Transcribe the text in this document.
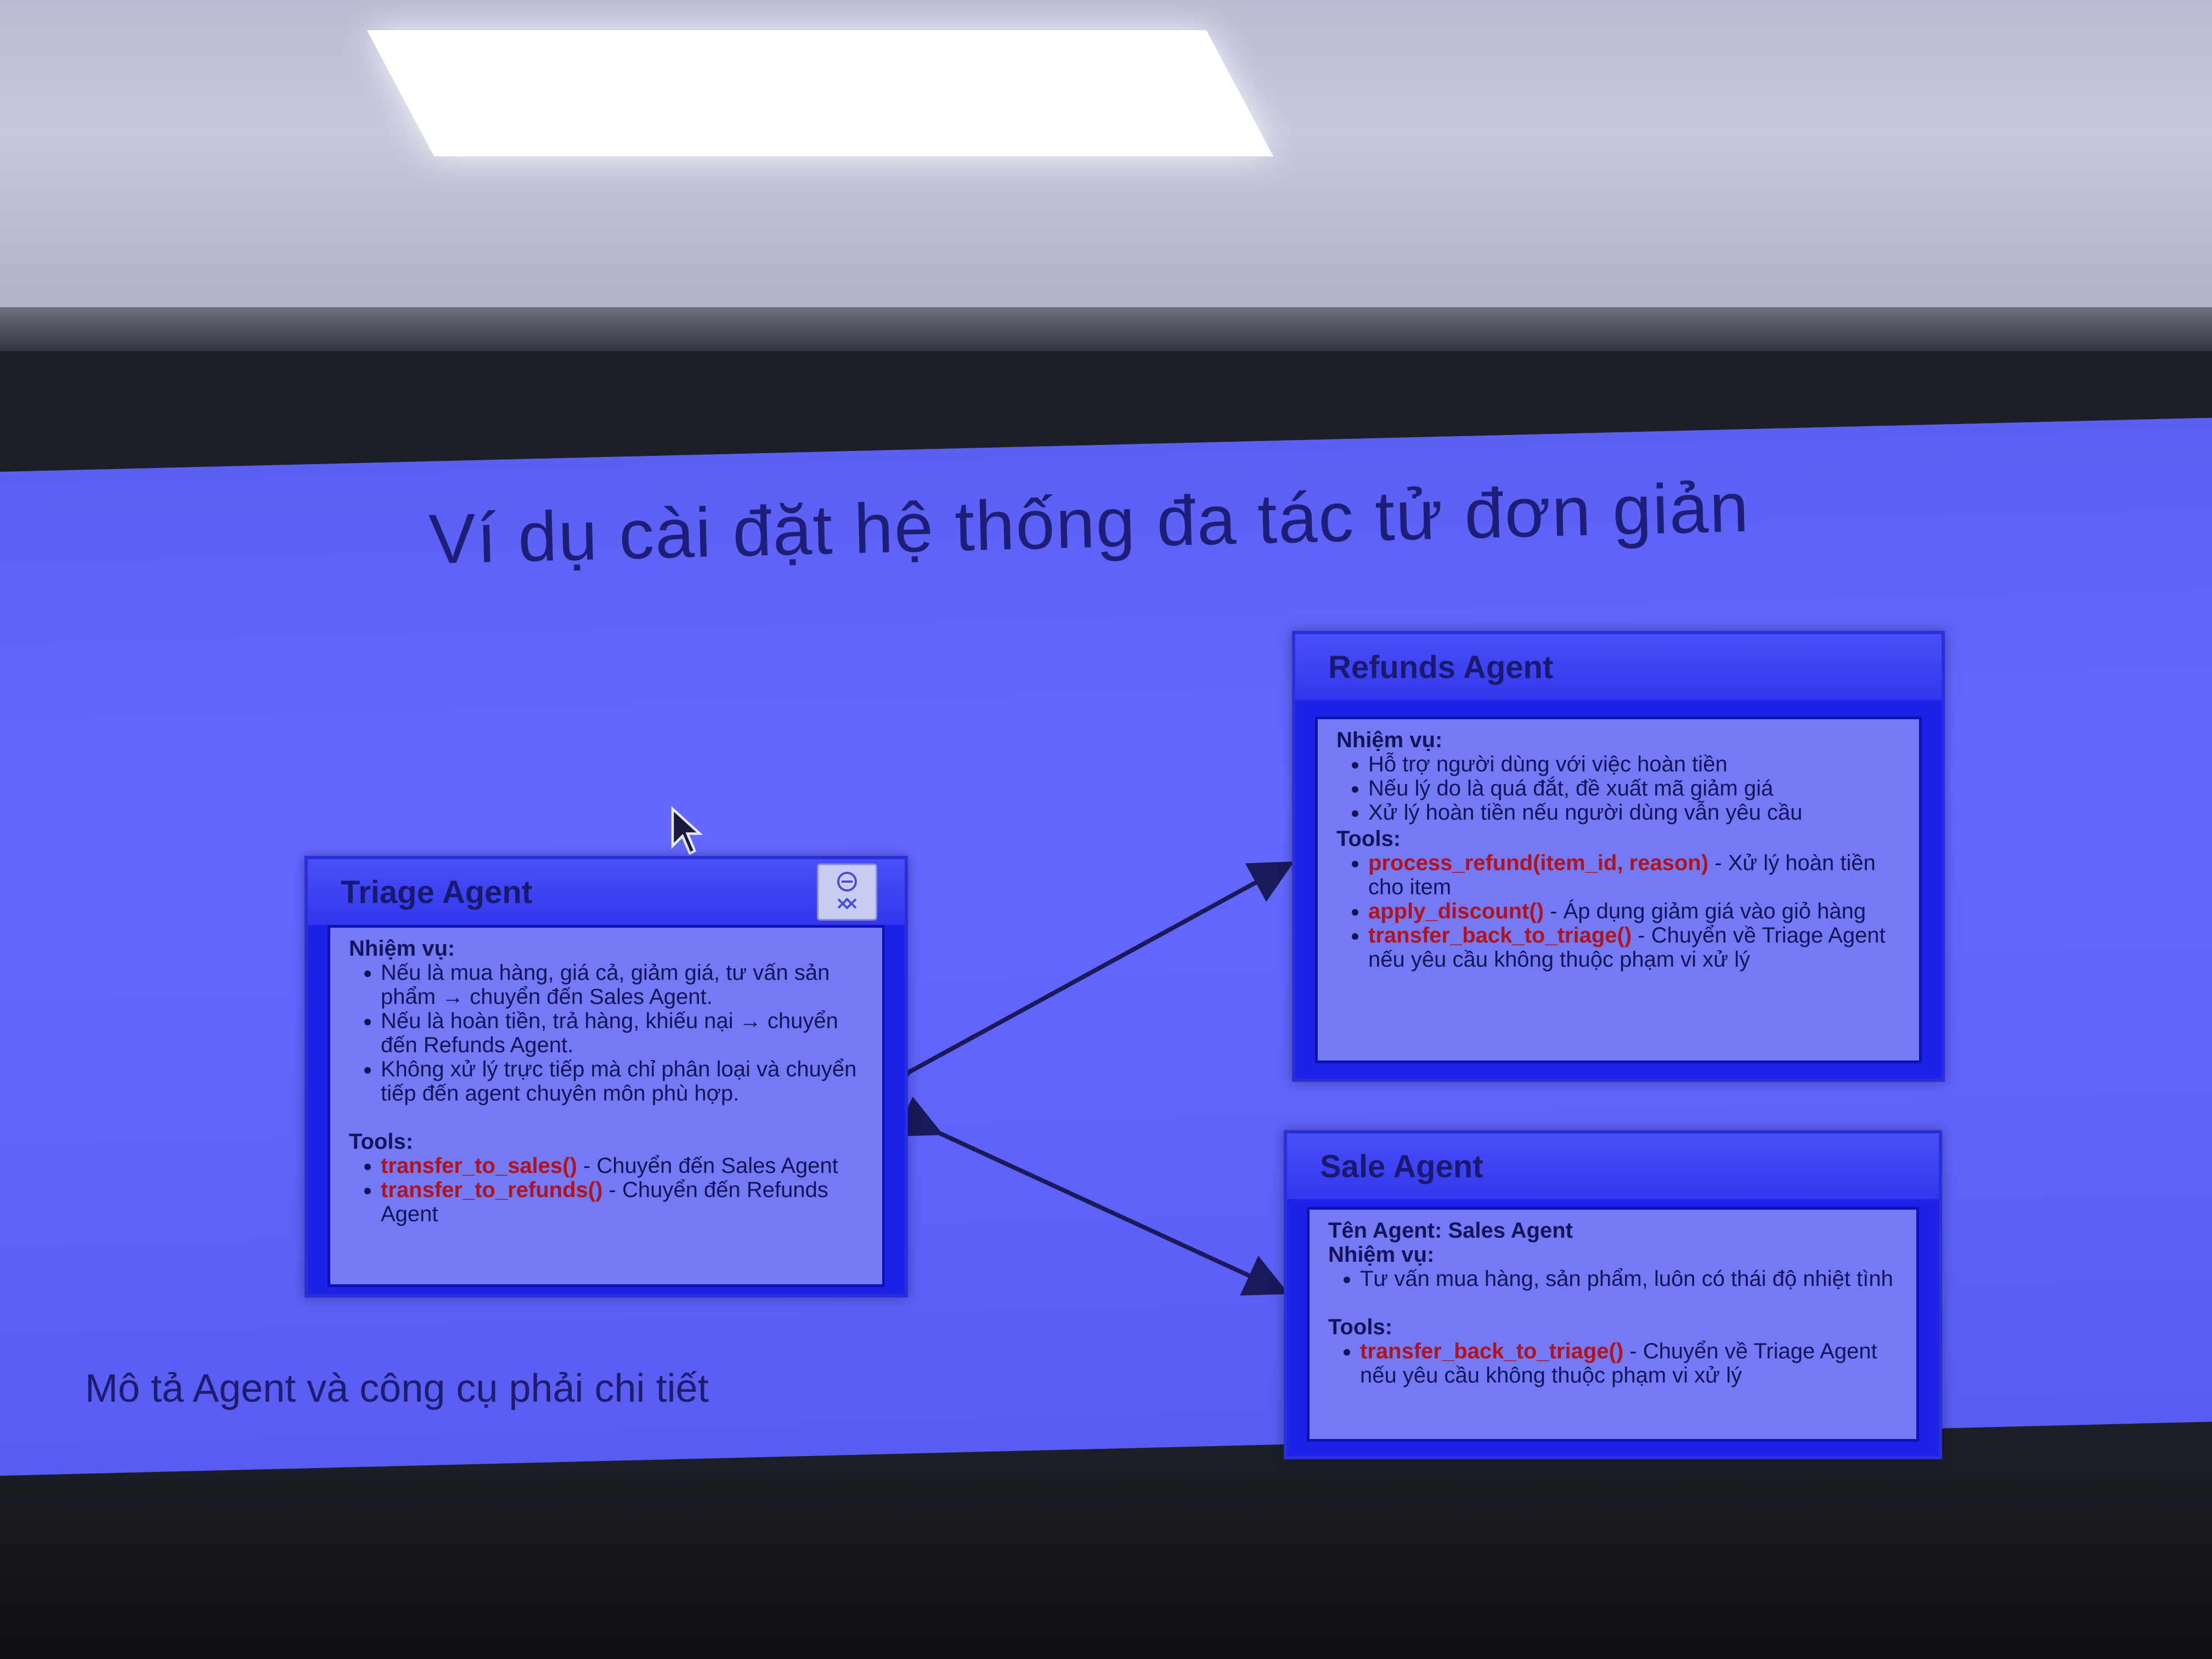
Ví dụ cài đặt hệ thống đa tác tử đơn giản
Triage Agent
Nhiệm vụ:
• Nếu là mua hàng, giá cả, giảm giá, tư vấn sản phẩm → chuyển đến Sales Agent.
• Nếu là hoàn tiền, trả hàng, khiếu nại → chuyển đến Refunds Agent.
• Không xử lý trực tiếp mà chỉ phân loại và chuyển tiếp đến agent chuyên môn phù hợp.
Tools:
• transfer_to_sales() - Chuyển đến Sales Agent
• transfer_to_refunds() - Chuyển đến Refunds Agent
Refunds Agent
Nhiệm vụ:
• Hỗ trợ người dùng với việc hoàn tiền
• Nếu lý do là quá đắt, đề xuất mã giảm giá
• Xử lý hoàn tiền nếu người dùng vẫn yêu cầu
Tools:
• process_refund(item_id, reason) - Xử lý hoàn tiền cho item
• apply_discount() - Áp dụng giảm giá vào giỏ hàng
• transfer_back_to_triage() - Chuyển về Triage Agent nếu yêu cầu không thuộc phạm vi xử lý
Sale Agent
Tên Agent: Sales Agent
Nhiệm vụ:
• Tư vấn mua hàng, sản phẩm, luôn có thái độ nhiệt tình
Tools:
• transfer_back_to_triage() - Chuyển về Triage Agent nếu yêu cầu không thuộc phạm vi xử lý
Mô tả Agent và công cụ phải chi tiết
